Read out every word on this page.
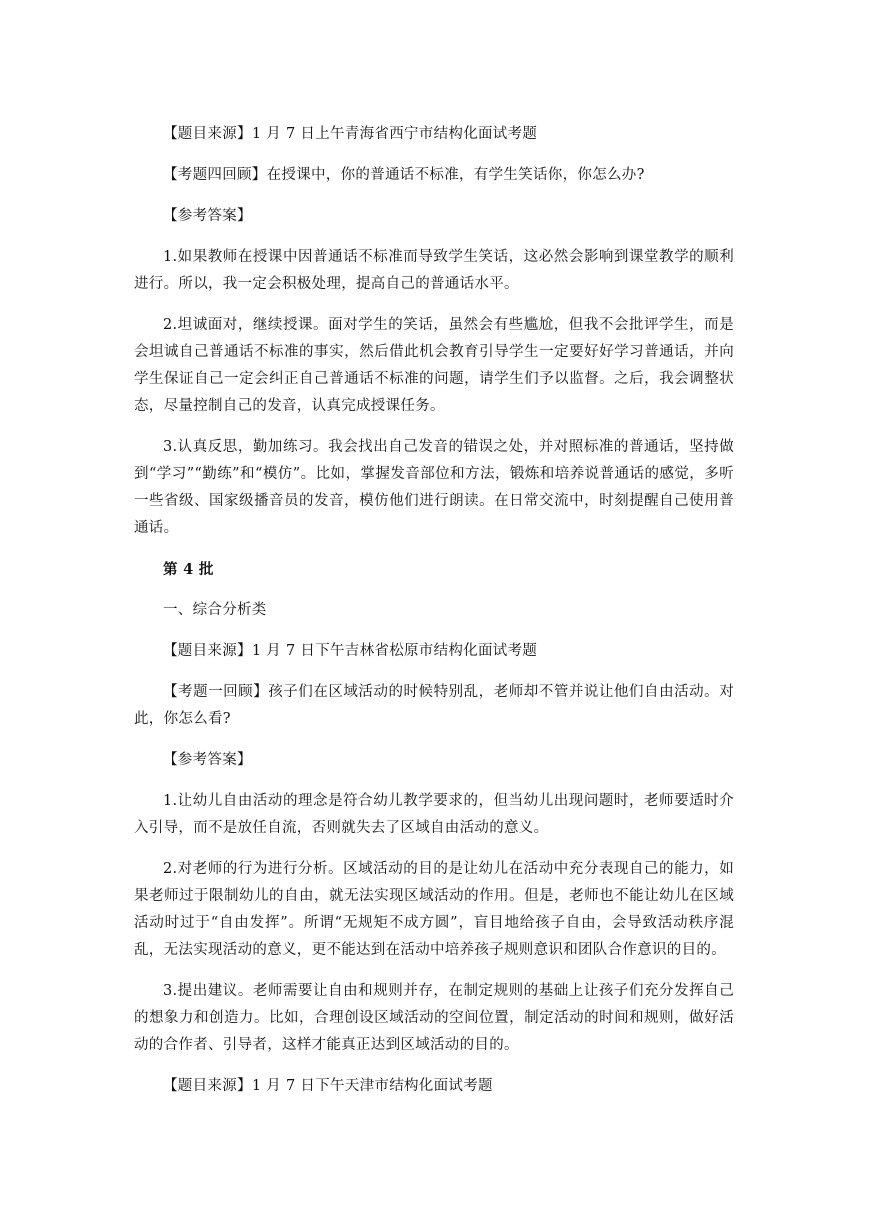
【题目来源】1 月 7 日上午青海省西宁市结构化面试考题

【考题四回顾】在授课中，你的普通话不标准，有学生笑话你，你怎么办?

【参考答案】

1.如果教师在授课中因普通话不标准而导致学生笑话，这必然会影响到课堂教学的顺利进行。所以，我一定会积极处理，提高自己的普通话水平。

2.坦诚面对，继续授课。面对学生的笑话，虽然会有些尴尬，但我不会批评学生，而是会坦诚自己普通话不标准的事实，然后借此机会教育引导学生一定要好好学习普通话，并向学生保证自己一定会纠正自己普通话不标准的问题，请学生们予以监督。之后，我会调整状态，尽量控制自己的发音，认真完成授课任务。

3.认真反思，勤加练习。我会找出自己发音的错误之处，并对照标准的普通话，坚持做到“学习”“勤练”和“模仿”。比如，掌握发音部位和方法，锻炼和培养说普通话的感觉，多听一些省级、国家级播音员的发音，模仿他们进行朗读。在日常交流中，时刻提醒自己使用普通话。

第 4 批

一、综合分析类

【题目来源】1 月 7 日下午吉林省松原市结构化面试考题

【考题一回顾】孩子们在区域活动的时候特别乱，老师却不管并说让他们自由活动。对此，你怎么看?

【参考答案】

1.让幼儿自由活动的理念是符合幼儿教学要求的，但当幼儿出现问题时，老师要适时介入引导，而不是放任自流，否则就失去了区域自由活动的意义。

2.对老师的行为进行分析。区域活动的目的是让幼儿在活动中充分表现自己的能力，如果老师过于限制幼儿的自由，就无法实现区域活动的作用。但是，老师也不能让幼儿在区域活动时过于“自由发挥”。所谓“无规矩不成方圆”，盲目地给孩子自由，会导致活动秩序混乱，无法实现活动的意义，更不能达到在活动中培养孩子规则意识和团队合作意识的目的。

3.提出建议。老师需要让自由和规则并存，在制定规则的基础上让孩子们充分发挥自己的想象力和创造力。比如，合理创设区域活动的空间位置，制定活动的时间和规则，做好活动的合作者、引导者，这样才能真正达到区域活动的目的。

【题目来源】1 月 7 日下午天津市结构化面试考题
